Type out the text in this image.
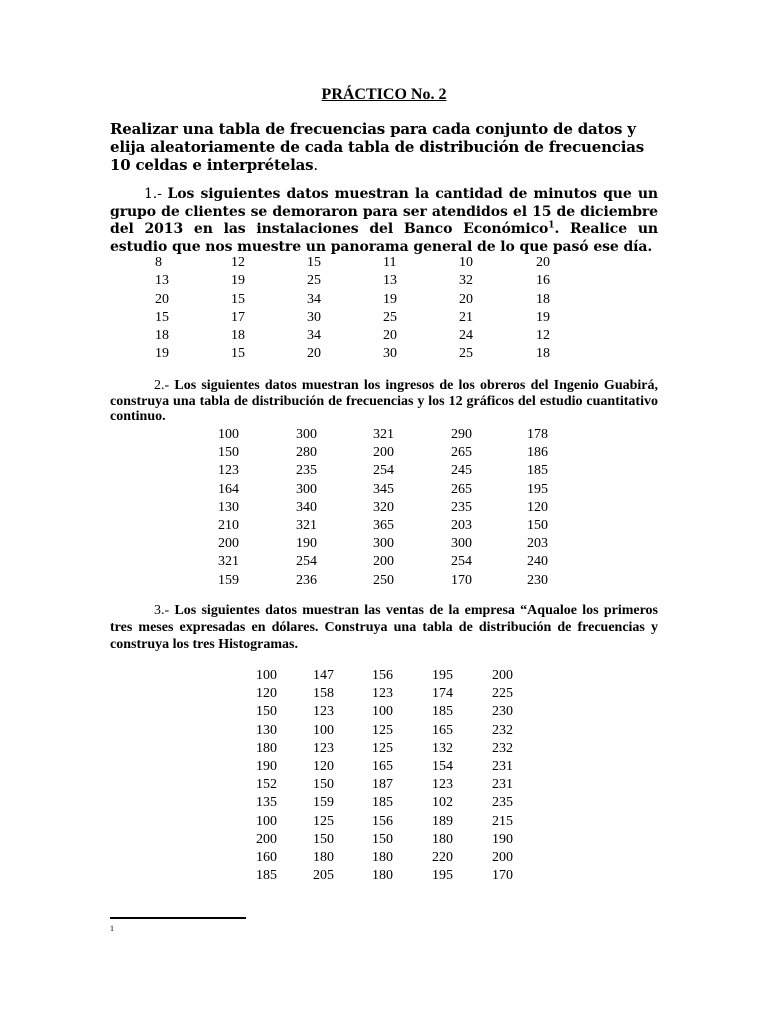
PRÁCTICO No. 2
Realizar una tabla de frecuencias para cada conjunto de datos y elija aleatoriamente de cada tabla de distribución de frecuencias 10 celdas e interprételas.
1.- Los siguientes datos muestran la cantidad de minutos que un grupo de clientes se demoraron para ser atendidos el 15 de diciembre del 2013 en las instalaciones del Banco Económico$^1$. Realice un estudio que nos muestre un panorama general de lo que pasó ese día.
8	12	15	11	10	20
13	19	25	13	32	16
20	15	34	19	20	18
15	17	30	25	21	19
18	18	34	20	24	12
19	15	20	30	25	18
2.- Los siguientes datos muestran los ingresos de los obreros del Ingenio Guabirá, construya una tabla de distribución de frecuencias y los 12 gráficos del estudio cuantitativo continuo.
100	300	321	290	178
150	280	200	265	186
123	235	254	245	185
164	300	345	265	195
130	340	320	235	120
210	321	365	203	150
200	190	300	300	203
321	254	200	254	240
159	236	250	170	230
3.- Los siguientes datos muestran las ventas de la empresa “Aqualoe los primeros tres meses expresadas en dólares. Construya una tabla de distribución de frecuencias y construya los tres Histogramas.
100	147	156	195	200
120	158	123	174	225
150	123	100	185	230
130	100	125	165	232
180	123	125	132	232
190	120	165	154	231
152	150	187	123	231
135	159	185	102	235
100	125	156	189	215
200	150	150	180	190
160	180	180	220	200
185	205	180	195	170
1
